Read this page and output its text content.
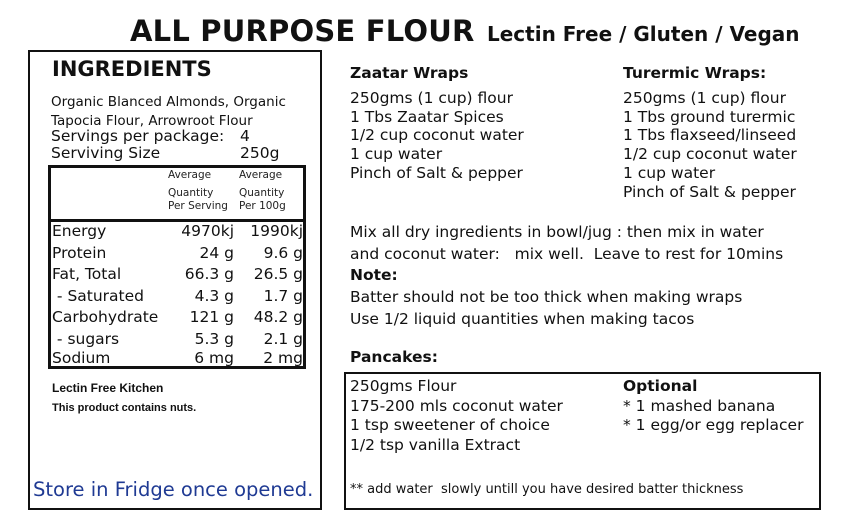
ALL PURPOSE FLOUR Lectin Free / Gluten / Vegan
INGREDIENTS
Organic Blanced Almonds, Organic
Tapocia Flour, Arrowroot Flour
Servings per package: 4
Serviving Size	250g
Average
Quantity
Per Serving
Average
Quantity
Per 100g
Energy	4970kj 1990kj
Protein	24 g 9.6 g
Fat, Total	66.3 g 26.5 g
- Saturated	4.3 g 1.7 g
Carbohydrate 121 g 48.2 g
- sugars	5.3 g 2.1 g
Sodium	6 mg 2 mg
Lectin Free Kitchen
This product contains nuts.
Store in Fridge once opened.
Zaatar Wraps
250gms (1 cup) flour
1 Tbs Zaatar Spices
1/2 cup coconut water
1 cup water
Pinch of Salt & pepper
Turermic Wraps:
250gms (1 cup) flour
1 Tbs ground turermic
1 Tbs flaxseed/linseed
1/2 cup coconut water
1 cup water
Pinch of Salt & pepper
Mix all dry ingredients in bowl/jug : then mix in water
and coconut water:   mix well.  Leave to rest for 10mins
Note:
Batter should not be too thick when making wraps
Use 1/2 liquid quantities when making tacos
Pancakes:
250gms Flour
175-200 mls coconut water
1 tsp sweetener of choice
1/2 tsp vanilla Extract
Optional
* 1 mashed banana
* 1 egg/or egg replacer
** add water  slowly untill you have desired batter thickness
